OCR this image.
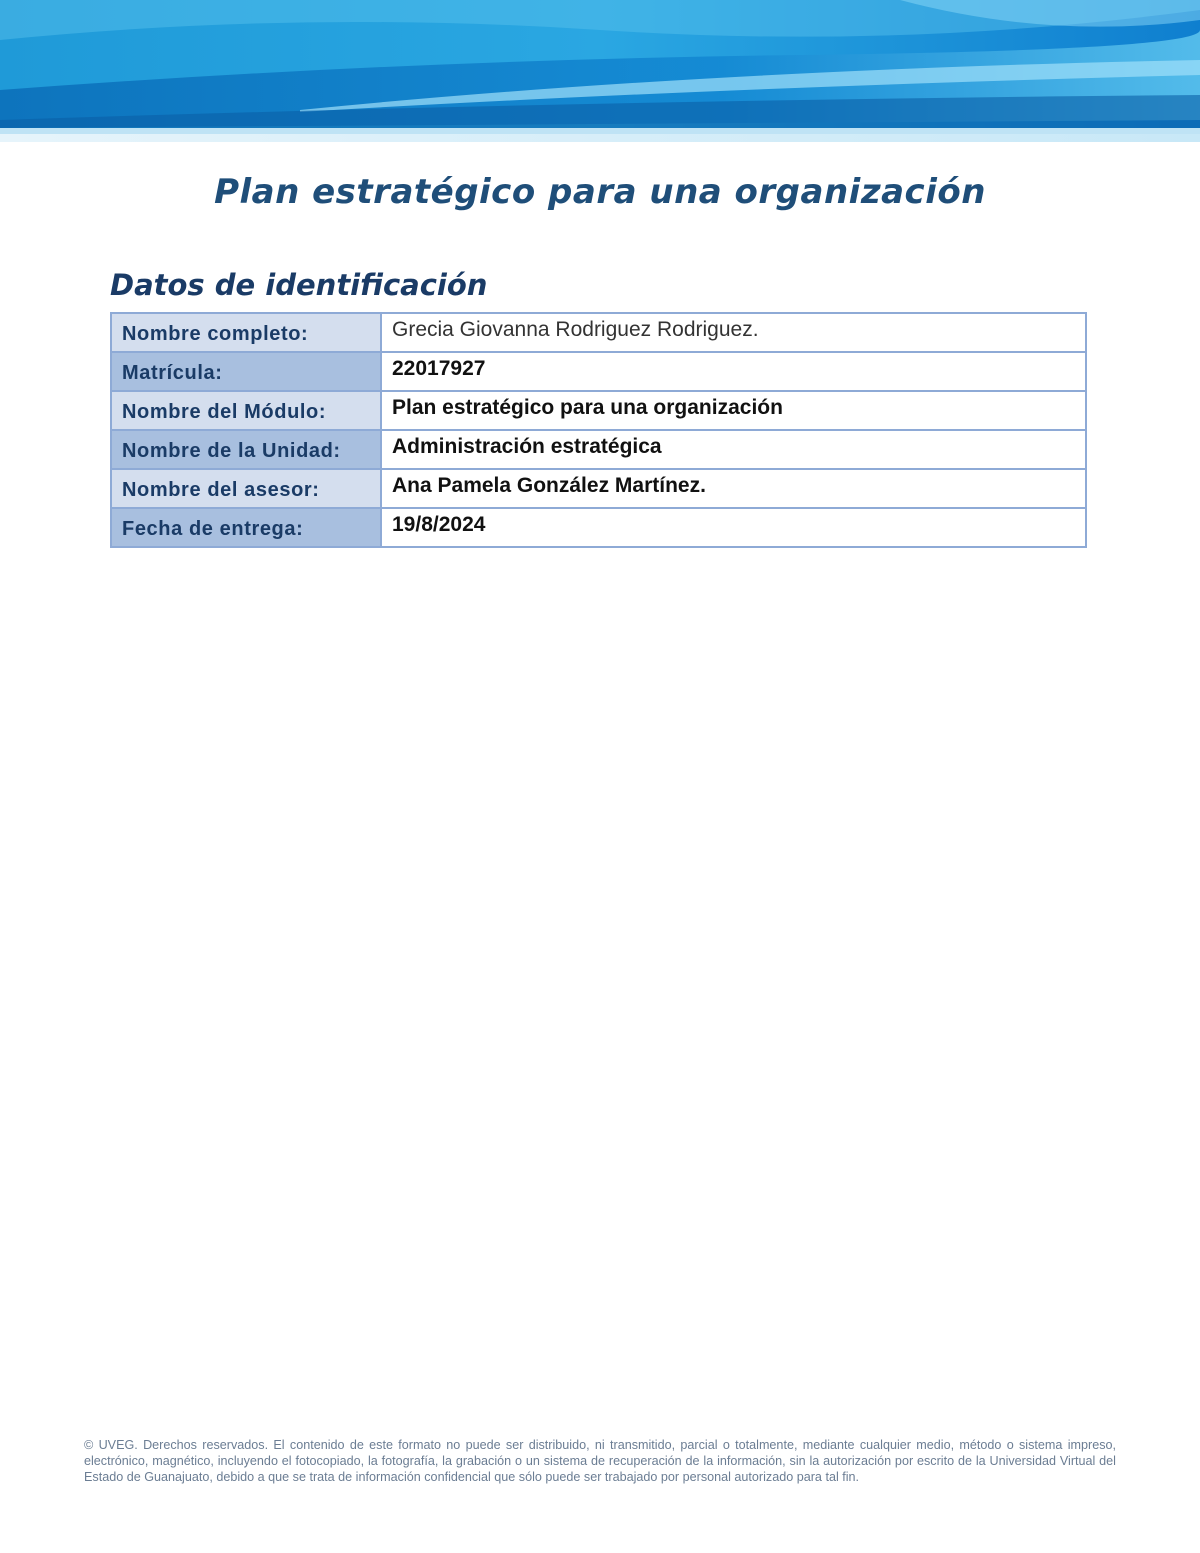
Plan estratégico para una organización
Datos de identificación
Nombre completo:	Grecia Giovanna Rodriguez Rodriguez.
Matrícula:	22017927
Nombre del Módulo:	Plan estratégico para una organización
Nombre de la Unidad:	Administración estratégica
Nombre del asesor:	Ana Pamela González Martínez.
Fecha de entrega:	19/8/2024

© UVEG. Derechos reservados. El contenido de este formato no puede ser distribuido, ni transmitido, parcial o totalmente, mediante cualquier medio, método o sistema impreso, electrónico, magnético, incluyendo el fotocopiado, la fotografía, la grabación o un sistema de recuperación de la información, sin la autorización por escrito de la Universidad Virtual del Estado de Guanajuato, debido a que se trata de información confidencial que sólo puede ser trabajado por personal autorizado para tal fin.
